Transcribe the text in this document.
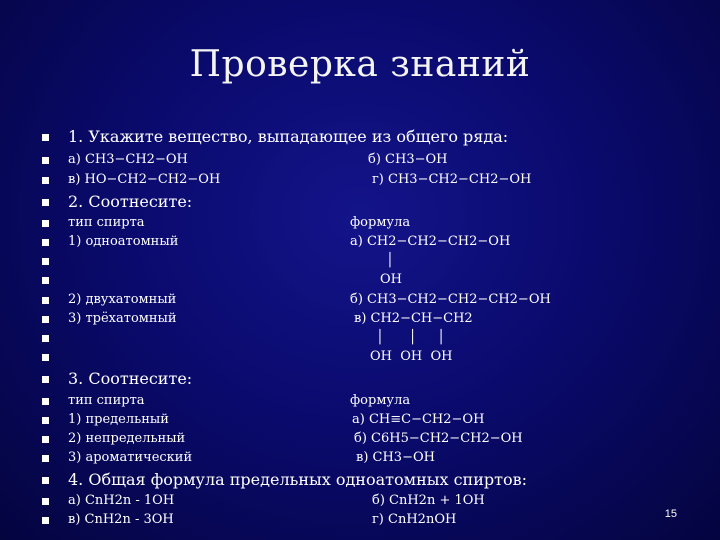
Проверка знаний
1. Укажите вещество, выпадающее из общего ряда:
а) CH3−CH2−OH	б) CH3−OH
в) HO−CH2−CH2−OH	г) CH3−CH2−CH2−OH
2. Соотнесите:
тип спирта	формула
1) одноатомный	а) CH2−CH2−CH2−OH
│
OH
2) двухатомный	б) CH3−CH2−CH2−CH2−OH
3) трёхатомный	в) CH2−CH−CH2
│      │     │
OH  OH  OH
3. Соотнесите:
тип спирта	формула
1) предельный	а) CH≡C−CH2−OH
2) непредельный	б) C6H5−CH2−CH2−OH
3) ароматический	в) CH3−OH
4. Общая формула предельных одноатомных спиртов:
а) CnH2n - 1OH	б) CnH2n + 1OH
в) CnH2n - 3OH	г) CnH2nOH	15
